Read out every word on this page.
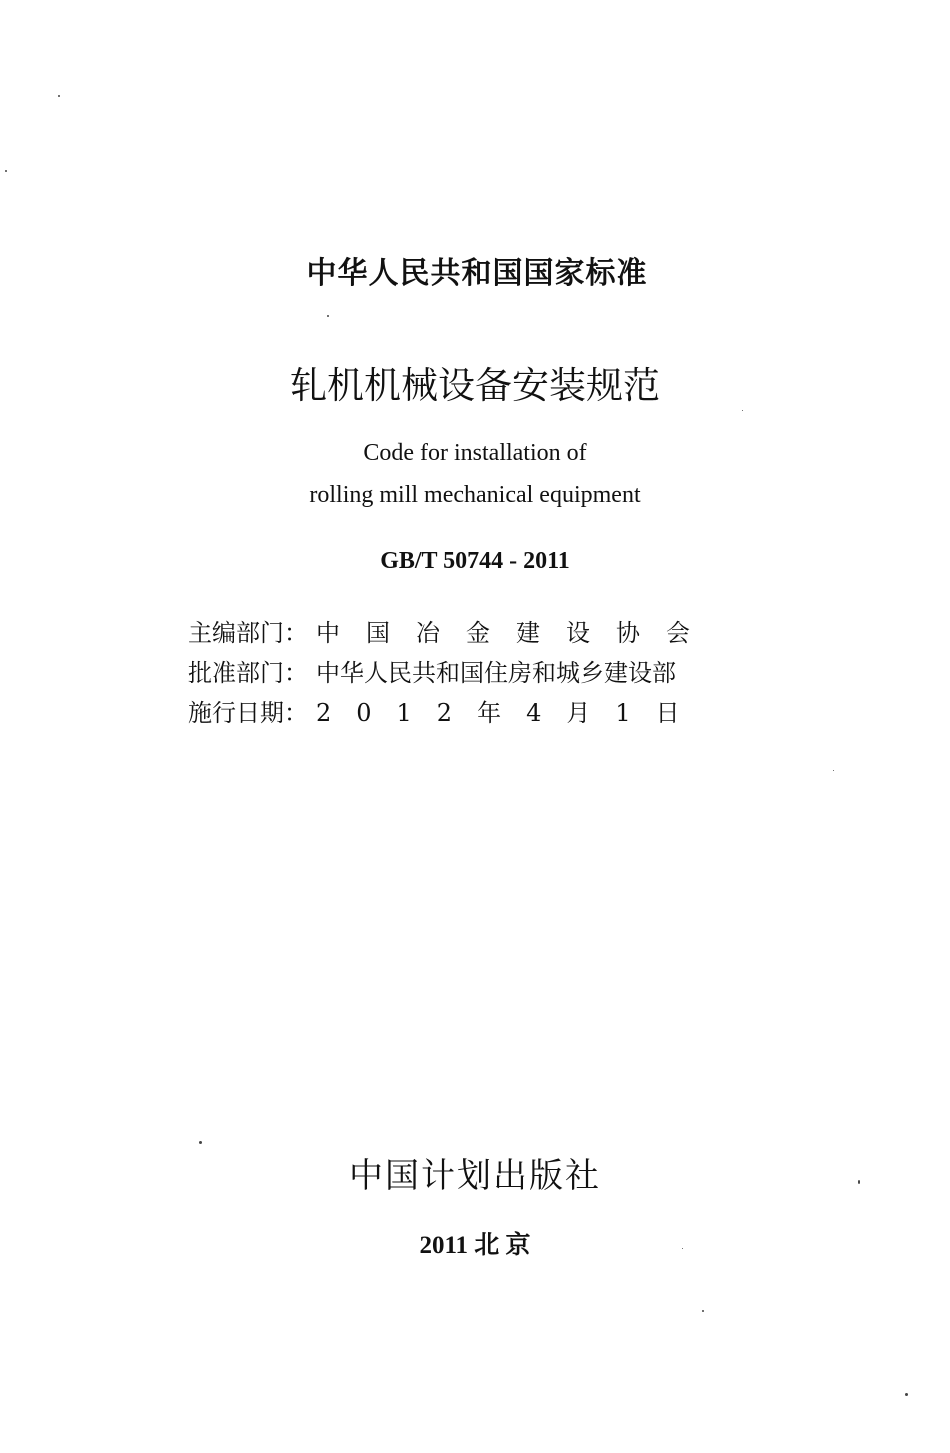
中华人民共和国国家标准
轧机机械设备安装规范
Code for installation of
rolling mill mechanical equipment
GB/T 50744 - 2011
主编部门： 中国冶金建设协会
批准部门： 中华人民共和国住房和城乡建设部
施行日期： 2012年4月1日
中国计划出版社
2011 北 京
